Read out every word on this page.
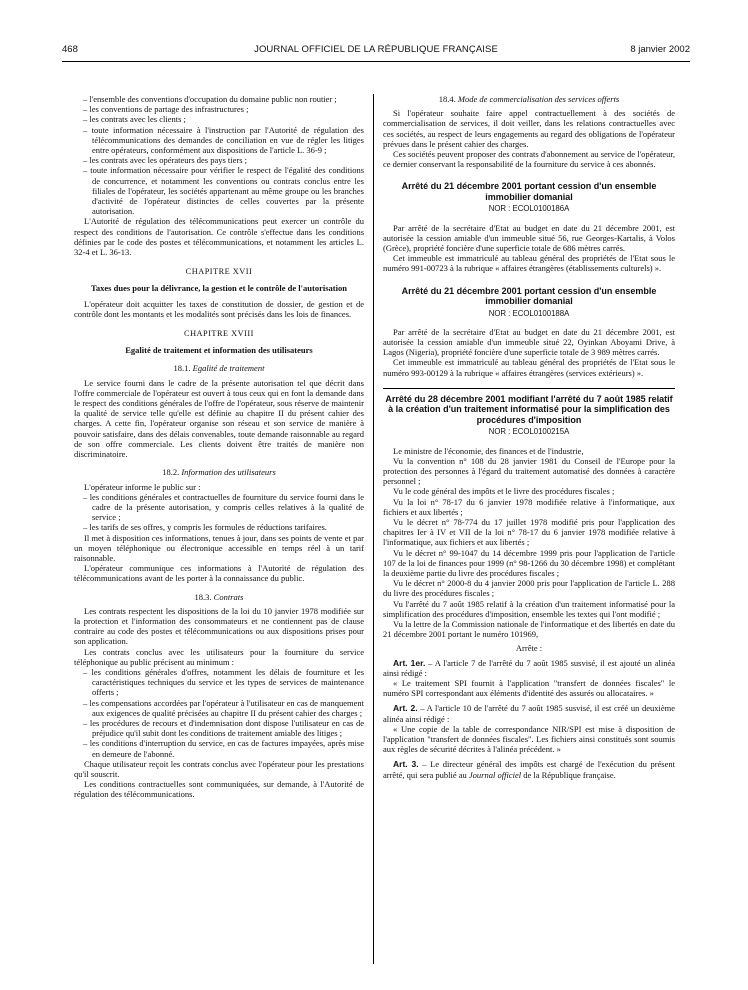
468	JOURNAL OFFICIEL DE LA RÉPUBLIQUE FRANÇAISE	8 janvier 2002

– l'ensemble des conventions d'occupation du domaine public non routier ;

– les conventions de partage des infrastructures ;

– les contrats avec les clients ;

– toute information nécessaire à l'instruction par l'Autorité de régulation des télécommunications des demandes de conciliation en vue de régler les litiges entre opérateurs, conformément aux dispositions de l'article L. 36-9 ;

– les contrats avec les opérateurs des pays tiers ;

– toute information nécessaire pour vérifier le respect de l'égalité des conditions de concurrence, et notamment les conventions ou contrats conclus entre les filiales de l'opérateur, les sociétés appartenant au même groupe ou les branches d'activité de l'opérateur distinctes de celles couvertes par la présente autorisation.

L'Autorité de régulation des télécommunications peut exercer un contrôle du respect des conditions de l'autorisation. Ce contrôle s'effectue dans les conditions définies par le code des postes et télécommunications, et notamment les articles L. 32-4 et L. 36-13.

CHAPITRE XVII

Taxes dues pour la délivrance, la gestion et le contrôle de l'autorisation

L'opérateur doit acquitter les taxes de constitution de dossier, de gestion et de contrôle dont les montants et les modalités sont précisés dans les lois de finances.

CHAPITRE XVIII

Egalité de traitement et information des utilisateurs

18.1. Egalité de traitement

Le service fourni dans le cadre de la présente autorisation tel que décrit dans l'offre commerciale de l'opérateur est ouvert à tous ceux qui en font la demande dans le respect des conditions générales de l'offre de l'opérateur, sous réserve de maintenir la qualité de service telle qu'elle est définie au chapitre II du présent cahier des charges. A cette fin, l'opérateur organise son réseau et son service de manière à pouvoir satisfaire, dans des délais convenables, toute demande raisonnable au regard de son offre commerciale. Les clients doivent être traités de manière non discriminatoire.

18.2. Information des utilisateurs

L'opérateur informe le public sur :

– les conditions générales et contractuelles de fourniture du service fourni dans le cadre de la présente autorisation, y compris celles relatives à la qualité de service ;

– les tarifs de ses offres, y compris les formules de réductions tarifaires.

Il met à disposition ces informations, tenues à jour, dans ses points de vente et par un moyen téléphonique ou électronique accessible en temps réel à un tarif raisonnable.

L'opérateur communique ces informations à l'Autorité de régulation des télécommunications avant de les porter à la connaissance du public.

18.3. Contrats

Les contrats respectent les dispositions de la loi du 10 janvier 1978 modifiée sur la protection et l'information des consommateurs et ne contiennent pas de clause contraire au code des postes et télécommunications ou aux dispositions prises pour son application.

Les contrats conclus avec les utilisateurs pour la fourniture du service téléphonique au public précisent au minimum :

– les conditions générales d'offres, notamment les délais de fourniture et les caractéristiques techniques du service et les types de services de maintenance offerts ;

– les compensations accordées par l'opérateur à l'utilisateur en cas de manquement aux exigences de qualité précisées au chapitre II du présent cahier des charges ;

– les procédures de recours et d'indemnisation dont dispose l'utilisateur en cas de préjudice qu'il subit dont les conditions de traitement amiable des litiges ;

– les conditions d'interruption du service, en cas de factures impayées, après mise en demeure de l'abonné.

Chaque utilisateur reçoit les contrats conclus avec l'opérateur pour les prestations qu'il souscrit.

Les conditions contractuelles sont communiquées, sur demande, à l'Autorité de régulation des télécommunications.

18.4. Mode de commercialisation des services offerts

Si l'opérateur souhaite faire appel contractuellement à des sociétés de commercialisation de services, il doit veiller, dans les relations contractuelles avec ces sociétés, au respect de leurs engagements au regard des obligations de l'opérateur prévues dans le présent cahier des charges.

Ces sociétés peuvent proposer des contrats d'abonnement au service de l'opérateur, ce dernier conservant la responsabilité de la fourniture du service à ces abonnés.

Arrêté du 21 décembre 2001 portant cession d'un ensemble immobilier domanial
NOR : ECOL0100186A

Par arrêté de la secrétaire d'Etat au budget en date du 21 décembre 2001, est autorisée la cession amiable d'un immeuble situé 56, rue Georges-Kartalis, à Volos (Grèce), propriété foncière d'une superficie totale de 686 mètres carrés.

Cet immeuble est immatriculé au tableau général des propriétés de l'Etat sous le numéro 991-00723 à la rubrique « affaires étrangères (établissements culturels) ».

Arrêté du 21 décembre 2001 portant cession d'un ensemble immobilier domanial
NOR : ECOL0100188A

Par arrêté de la secrétaire d'Etat au budget en date du 21 décembre 2001, est autorisée la cession amiable d'un immeuble situé 22, Oyinkan Aboyami Drive, à Lagos (Nigeria), propriété foncière d'une superficie totale de 3 989 mètres carrés.

Cet immeuble est immatriculé au tableau général des propriétés de l'Etat sous le numéro 993-00129 à la rubrique « affaires étrangères (services extérieurs) ».

Arrêté du 28 décembre 2001 modifiant l'arrêté du 7 août 1985 relatif à la création d'un traitement informatisé pour la simplification des procédures d'imposition
NOR : ECOL0100215A

Le ministre de l'économie, des finances et de l'industrie,

Vu la convention n° 108 du 28 janvier 1981 du Conseil de l'Europe pour la protection des personnes à l'égard du traitement automatisé des données à caractère personnel ;

Vu le code général des impôts et le livre des procédures fiscales ;

Vu la loi n° 78-17 du 6 janvier 1978 modifiée relative à l'informatique, aux fichiers et aux libertés ;

Vu le décret n° 78-774 du 17 juillet 1978 modifié pris pour l'application des chapitres Ier à IV et VII de la loi n° 78-17 du 6 janvier 1978 modifiée relative à l'informatique, aux fichiers et aux libertés ;

Vu le décret n° 99-1047 du 14 décembre 1999 pris pour l'application de l'article 107 de la loi de finances pour 1999 (n° 98-1266 du 30 décembre 1998) et complétant la deuxième partie du livre des procédures fiscales ;

Vu le décret n° 2000-8 du 4 janvier 2000 pris pour l'application de l'article L. 288 du livre des procédures fiscales ;

Vu l'arrêté du 7 août 1985 relatif à la création d'un traitement informatisé pour la simplification des procédures d'imposition, ensemble les textes qui l'ont modifié ;

Vu la lettre de la Commission nationale de l'informatique et des libertés en date du 21 décembre 2001 portant le numéro 101969,

Arrête :

Art. 1er. – A l'article 7 de l'arrêté du 7 août 1985 susvisé, il est ajouté un alinéa ainsi rédigé :

« Le traitement SPI fournit à l'application "transfert de données fiscales" le numéro SPI correspondant aux éléments d'identité des assurés ou allocataires. »

Art. 2. – A l'article 10 de l'arrêté du 7 août 1985 susvisé, il est créé un deuxième alinéa ainsi rédigé :

« Une copie de la table de correspondance NIR/SPI est mise à disposition de l'application "transfert de données fiscales". Les fichiers ainsi constitués sont soumis aux règles de sécurité décrites à l'alinéa précédent. »

Art. 3. – Le directeur général des impôts est chargé de l'exécution du présent arrêté, qui sera publié au Journal officiel de la République française.
